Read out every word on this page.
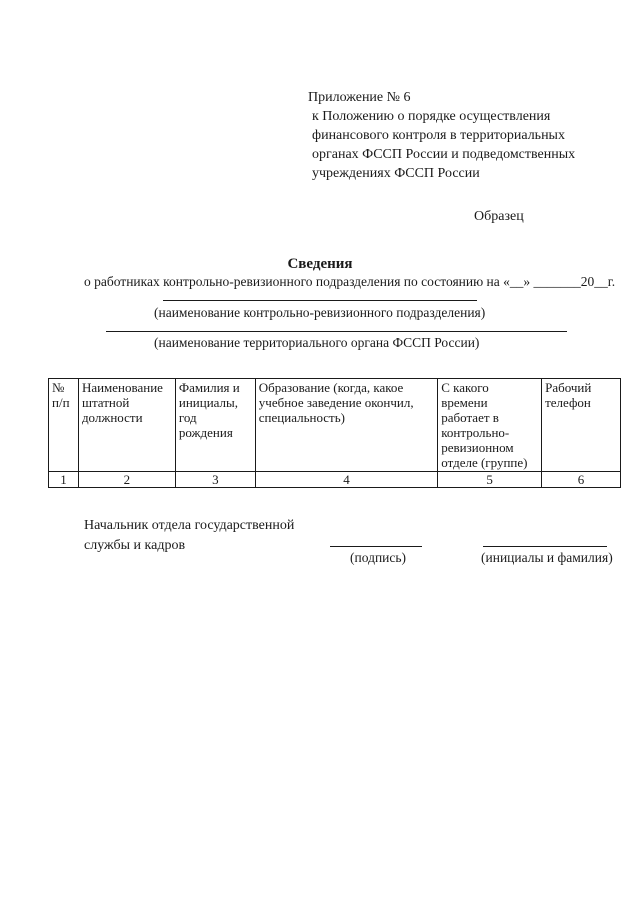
Приложение № 6
к Положению о порядке осуществления
финансового контроля в территориальных
органах ФССП России и подведомственных
учреждениях ФССП России
Образец
Сведения
о работниках контрольно-ревизионного подразделения по состоянию на «__» _______20__г.
(наименование контрольно-ревизионного подразделения)
(наименование территориального органа ФССП России)
№ п/п	Наименование штатной должности	Фамилия и инициалы, год рождения	Образование (когда, какое учебное заведение окончил, специальность)	С какого времени работает в контрольно-ревизионном отделе (группе)	Рабочий телефон
1	2	3	4	5	6
Начальник отдела государственной
службы и кадров
(подпись)	(инициалы и фамилия)
